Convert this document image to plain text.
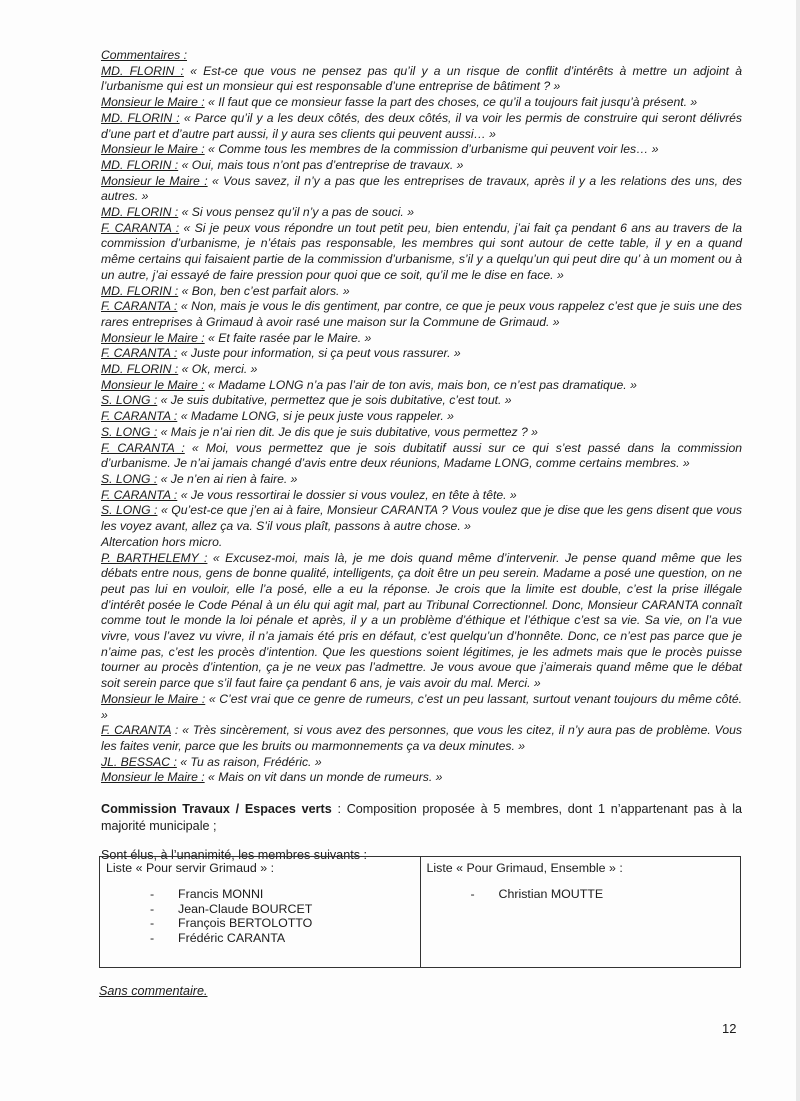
Commentaires :

MD. FLORIN : « Est-ce que vous ne pensez pas qu’il y a un risque de conflit d’intérêts à mettre un adjoint à l’urbanisme qui est un monsieur qui est responsable d’une entreprise de bâtiment ? »

Monsieur le Maire : « Il faut que ce monsieur fasse la part des choses, ce qu’il a toujours fait jusqu’à présent. »

MD. FLORIN : « Parce qu’il y a les deux côtés, des deux côtés, il va voir les permis de construire qui seront délivrés d’une part et d’autre part aussi, il y aura ses clients qui peuvent aussi… »

Monsieur le Maire : « Comme tous les membres de la commission d’urbanisme qui peuvent voir les… »

MD. FLORIN : « Oui, mais tous n’ont pas d’entreprise de travaux. »

Monsieur le Maire : « Vous savez, il n’y a pas que les entreprises de travaux, après il y a les relations des uns, des autres. »

MD. FLORIN : « Si vous pensez qu’il n’y a pas de souci. »

F. CARANTA : « Si je peux vous répondre un tout petit peu, bien entendu, j’ai fait ça pendant 6 ans au travers de la commission d’urbanisme, je n’étais pas responsable, les membres qui sont autour de cette table, il y en a quand même certains qui faisaient partie de la commission d’urbanisme, s’il y a quelqu’un qui peut dire qu’ à un moment ou à un autre, j’ai essayé de faire pression pour quoi que ce soit, qu’il me le dise en face. »

MD. FLORIN : « Bon, ben c’est parfait alors. »

F. CARANTA : « Non, mais je vous le dis gentiment, par contre, ce que je peux vous rappelez c’est que je suis une des rares entreprises à Grimaud à avoir rasé une maison sur la Commune de Grimaud. »

Monsieur le Maire : « Et faite rasée par le Maire. »

F. CARANTA : « Juste pour information, si ça peut vous rassurer. »

MD. FLORIN : « Ok, merci. »

Monsieur le Maire : « Madame LONG n’a pas l’air de ton avis, mais bon, ce n’est pas dramatique. »

S. LONG : « Je suis dubitative, permettez que je sois dubitative, c’est tout. »

F. CARANTA : « Madame LONG, si je peux juste vous rappeler. »

S. LONG : « Mais je n’ai rien dit. Je dis que je suis dubitative, vous permettez ? »

F. CARANTA : « Moi, vous permettez que je sois dubitatif aussi sur ce qui s’est passé dans la commission d’urbanisme. Je n’ai jamais changé d’avis entre deux réunions, Madame LONG, comme certains membres. »

S. LONG : « Je n’en ai rien à faire. »

F. CARANTA : « Je vous ressortirai le dossier si vous voulez, en tête à tête. »

S. LONG : « Qu’est-ce que j’en ai à faire, Monsieur CARANTA ? Vous voulez que je dise que les gens disent que vous les voyez avant, allez ça va. S’il vous plaît, passons à autre chose. »

Altercation hors micro.

P. BARTHELEMY : « Excusez-moi, mais là, je me dois quand même d’intervenir. Je pense quand même que les débats entre nous, gens de bonne qualité, intelligents, ça doit être un peu serein. Madame a posé une question, on ne peut pas lui en vouloir, elle l’a posé, elle a eu la réponse. Je crois que la limite est double, c’est la prise illégale d’intérêt posée le Code Pénal à un élu qui agit mal, part au Tribunal Correctionnel. Donc, Monsieur CARANTA connaît comme tout le monde la loi pénale et après, il y a un problème d’éthique et l’éthique c’est sa vie. Sa vie, on l’a vue vivre, vous l’avez vu vivre, il n’a jamais été pris en défaut, c’est quelqu’un d’honnête. Donc, ce n’est pas parce que je n’aime pas, c’est les procès d’intention. Que les questions soient légitimes, je les admets mais que le procès puisse tourner au procès d’intention, ça je ne veux pas l’admettre. Je vous avoue que j’aimerais quand même que le débat soit serein parce que s’il faut faire ça pendant 6 ans, je vais avoir du mal. Merci. »

Monsieur le Maire : « C’est vrai que ce genre de rumeurs, c’est un peu lassant, surtout venant toujours du même côté. »

F. CARANTA : « Très sincèrement, si vous avez des personnes, que vous les citez, il n’y aura pas de problème. Vous les faites venir, parce que les bruits ou marmonnements ça va deux minutes. »

JL. BESSAC : « Tu as raison, Frédéric. »

Monsieur le Maire : « Mais on vit dans un monde de rumeurs. »

Commission Travaux / Espaces verts : Composition proposée à 5 membres, dont 1 n’appartenant pas à la majorité municipale ;
Sont élus, à l’unanimité, les membres suivants :

Liste « Pour servir Grimaud » :

- Francis MONNI
- Jean-Claude BOURCET
- François BERTOLOTTO
- Frédéric CARANTA

Liste « Pour Grimaud, Ensemble » :

- Christian MOUTTE
Sans commentaire.
12
